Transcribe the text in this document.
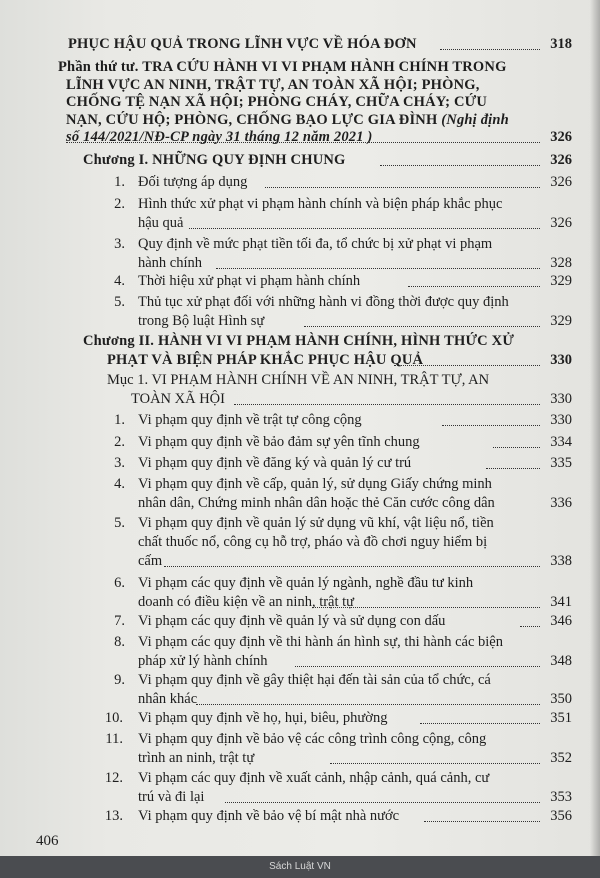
PHỤC HẬU QUẢ TRONG LĨNH VỰC VỀ HÓA ĐƠN	318
Phần thứ tư. TRA CỨU HÀNH VI VI PHẠM HÀNH CHÍNH TRONG
LĨNH VỰC AN NINH, TRẬT TỰ, AN TOÀN XÃ HỘI; PHÒNG,
CHỐNG TỆ NẠN XÃ HỘI; PHÒNG CHÁY, CHỮA CHÁY; CỨU
NẠN, CỨU HỘ; PHÒNG, CHỐNG BẠO LỰC GIA ĐÌNH (Nghị định
số 144/2021/NĐ-CP ngày 31 tháng 12 năm 2021 )	326
Chương I. NHỮNG QUY ĐỊNH CHUNG	326
1. Đối tượng áp dụng	326
2. Hình thức xử phạt vi phạm hành chính và biện pháp khắc phục
hậu quả	326
3. Quy định về mức phạt tiền tối đa, tổ chức bị xử phạt vi phạm
hành chính	328
4. Thời hiệu xử phạt vi phạm hành chính	329
5. Thủ tục xử phạt đối với những hành vi đồng thời được quy định
trong Bộ luật Hình sự	329
Chương II. HÀNH VI VI PHẠM HÀNH CHÍNH, HÌNH THỨC XỬ
PHẠT VÀ BIỆN PHÁP KHẮC PHỤC HẬU QUẢ	330
Mục 1. VI PHẠM HÀNH CHÍNH VỀ AN NINH, TRẬT TỰ, AN
TOÀN XÃ HỘI	330
1. Vi phạm quy định về trật tự công cộng	330
2. Vi phạm quy định về bảo đảm sự yên tĩnh chung	334
3. Vi phạm quy định về đăng ký và quản lý cư trú	335
4. Vi phạm quy định về cấp, quản lý, sử dụng Giấy chứng minh
nhân dân, Chứng minh nhân dân hoặc thẻ Căn cước công dân	336
5. Vi phạm quy định về quản lý sử dụng vũ khí, vật liệu nổ, tiền
chất thuốc nổ, công cụ hỗ trợ, pháo và đồ chơi nguy hiểm bị
cấm	338
6. Vi phạm các quy định về quản lý ngành, nghề đầu tư kinh
doanh có điều kiện về an ninh, trật tự	341
7. Vi phạm các quy định về quản lý và sử dụng con dấu	346
8. Vi phạm các quy định về thi hành án hình sự, thi hành các biện
pháp xử lý hành chính	348
9. Vi phạm quy định về gây thiệt hại đến tài sản của tổ chức, cá
nhân khác	350
10. Vi phạm quy định về họ, hụi, biêu, phường	351
11. Vi phạm quy định về bảo vệ các công trình công cộng, công
trình an ninh, trật tự	352
12. Vi phạm các quy định về xuất cảnh, nhập cảnh, quá cảnh, cư
trú và đi lại	353
13. Vi phạm quy định về bảo vệ bí mật nhà nước	356
406
Sách Luật VN
